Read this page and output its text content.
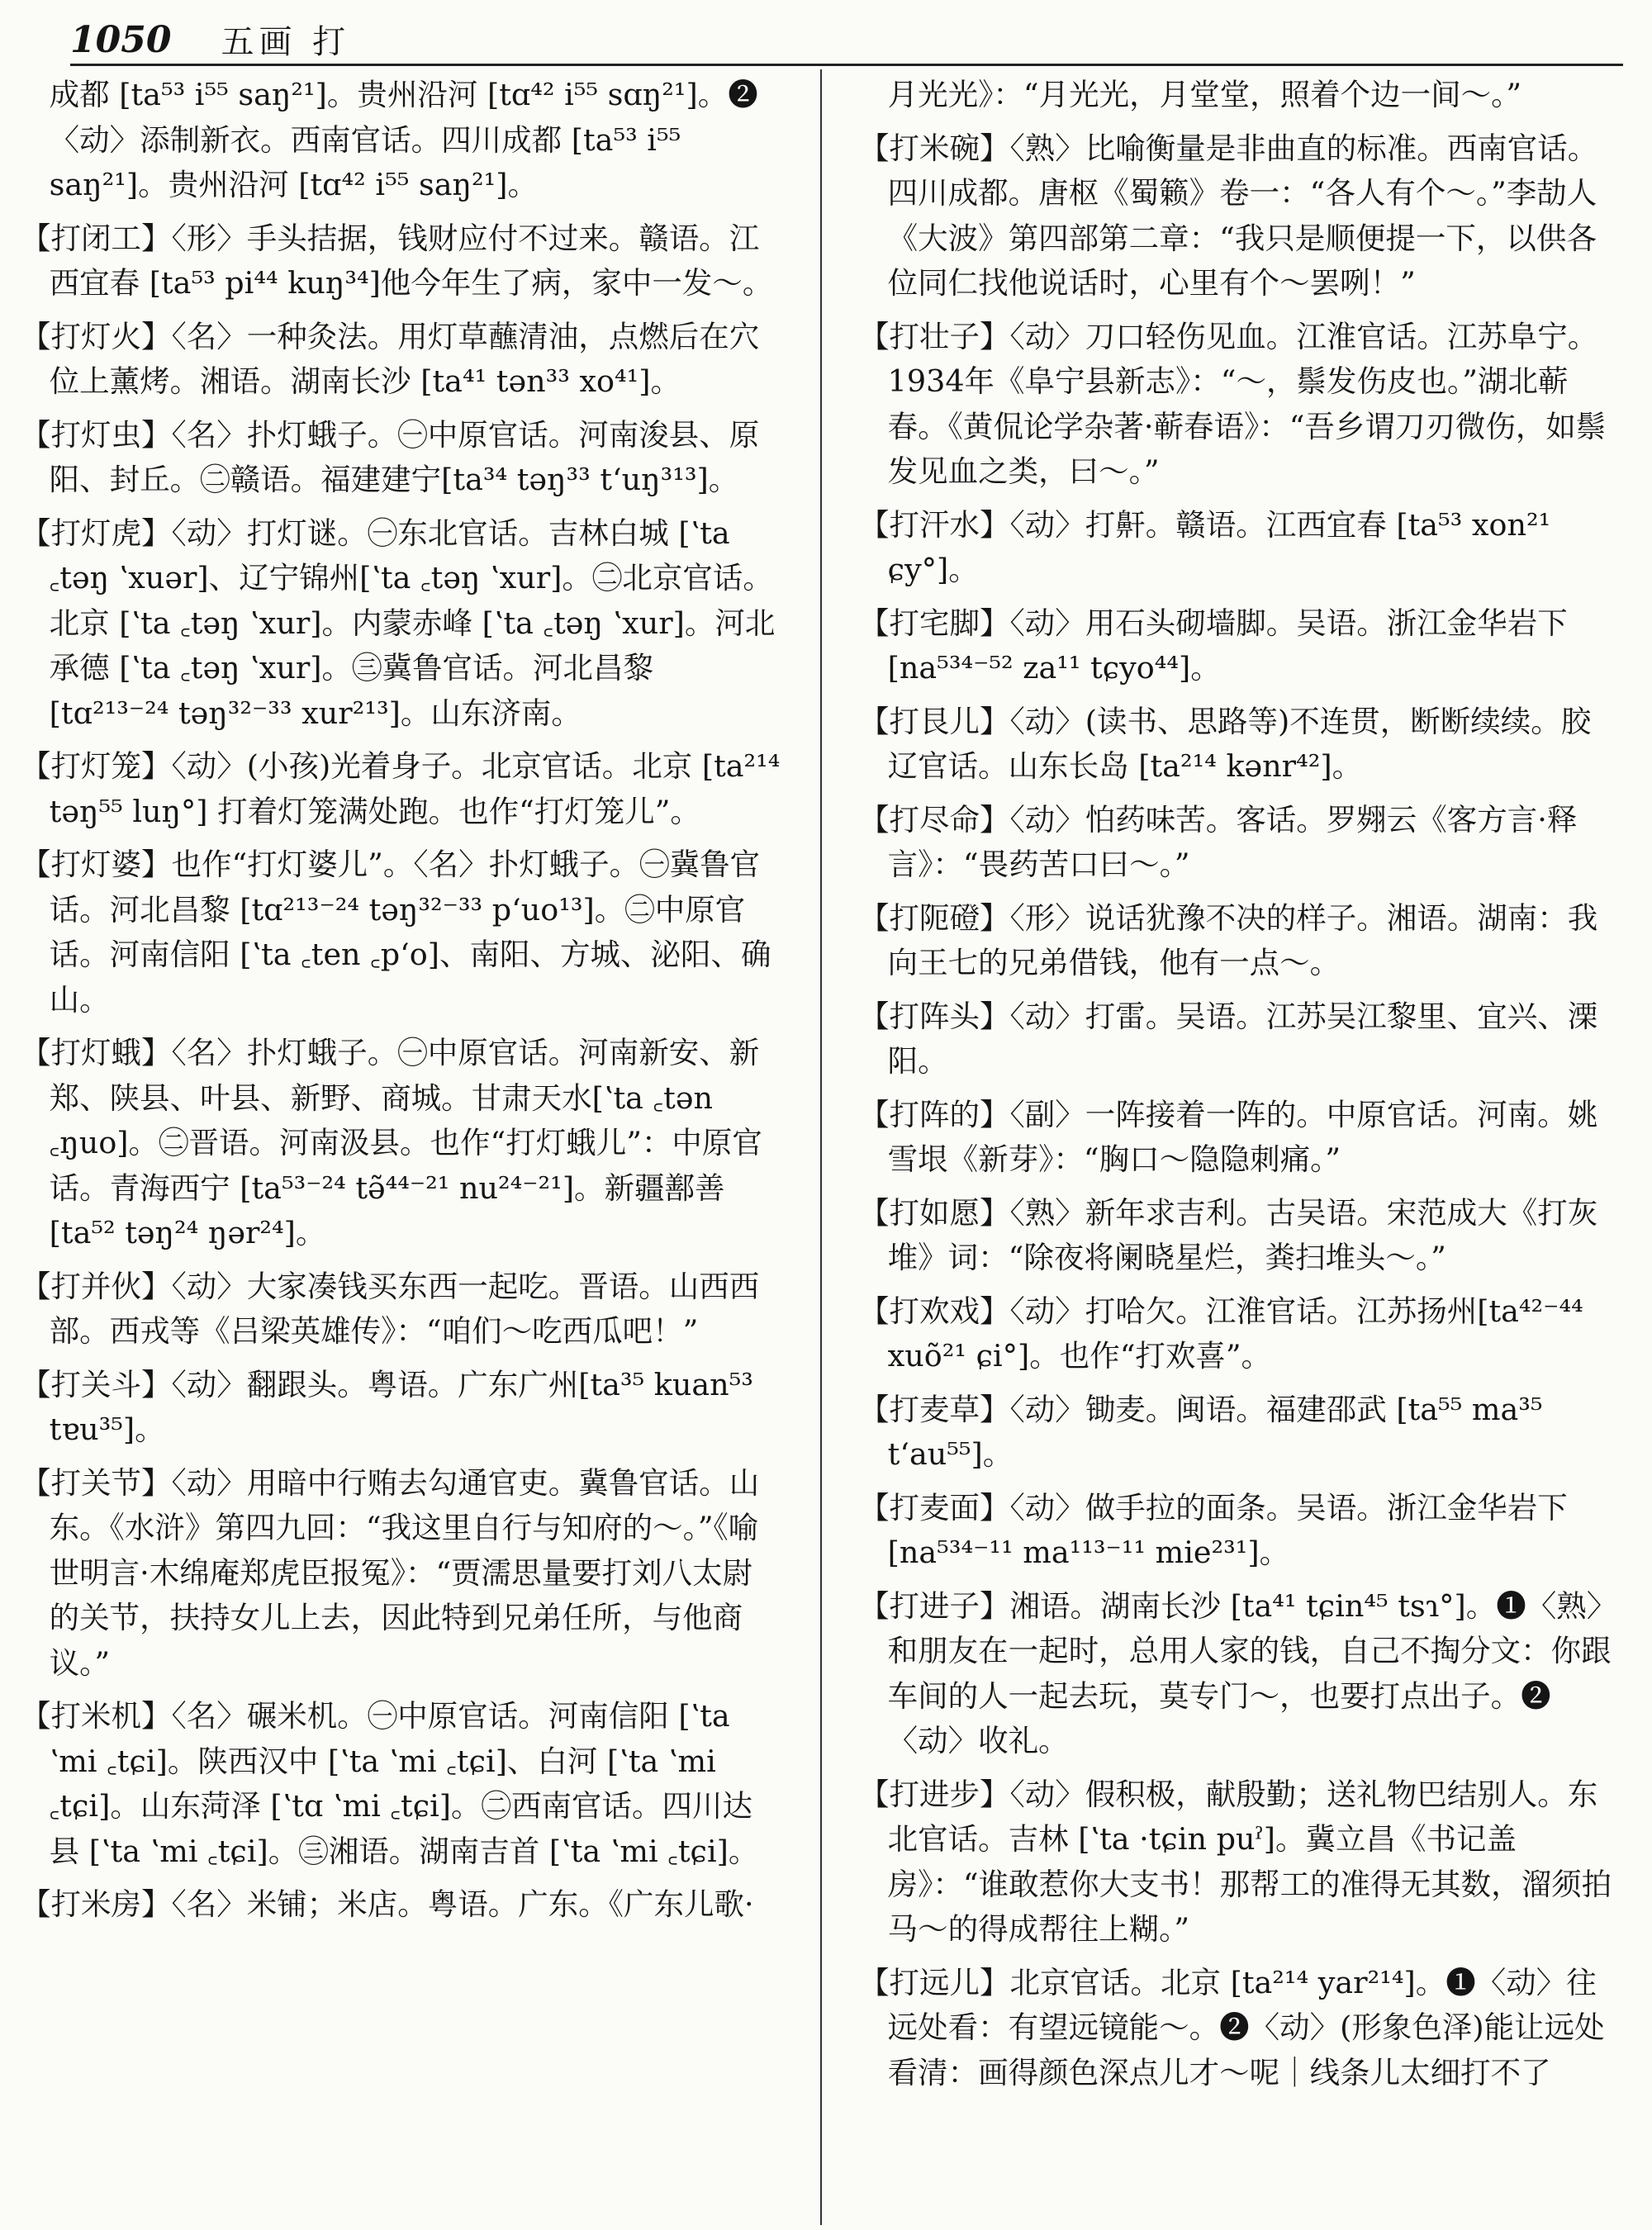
1050 五画 打

成都 [ta⁵³ i⁵⁵ saŋ²¹]。贵州沿河 [tɑ⁴² i⁵⁵ sɑŋ²¹]。❷〈动〉添制新衣。西南官话。四川成都 [ta⁵³ i⁵⁵ saŋ²¹]。贵州沿河 [tɑ⁴² i⁵⁵ saŋ²¹]。

【打闭工】〈形〉手头拮据，钱财应付不过来。赣语。江西宜春 [ta⁵³ pi⁴⁴ kuŋ³⁴]他今年生了病，家中一发～。

【打灯火】〈名〉一种灸法。用灯草蘸清油，点燃后在穴位上薰烤。湘语。湖南长沙 [ta⁴¹ tən³³ xo⁴¹]。

【打灯虫】〈名〉扑灯蛾子。㊀中原官话。河南浚县、原阳、封丘。㊁赣语。福建建宁[ta³⁴ təŋ³³ tʻuŋ³¹³]。

【打灯虎】〈动〉打灯谜。㊀东北官话。吉林白城 [ʽta ꜀təŋ ʽxuər]、辽宁锦州[ʽta ꜀təŋ ʽxur]。㊁北京官话。北京 [ʽta ꜀təŋ ʽxur]。内蒙赤峰 [ʽta ꜀təŋ ʽxur]。河北承德 [ʽta ꜀təŋ ʽxur]。㊂冀鲁官话。河北昌黎 [tɑ²¹³⁻²⁴ təŋ³²⁻³³ xur²¹³]。山东济南。

【打灯笼】〈动〉(小孩)光着身子。北京官话。北京 [ta²¹⁴ təŋ⁵⁵ luŋ°] 打着灯笼满处跑。也作“打灯笼儿”。

【打灯婆】也作“打灯婆儿”。〈名〉扑灯蛾子。㊀冀鲁官话。河北昌黎 [tɑ²¹³⁻²⁴ təŋ³²⁻³³ pʻuo¹³]。㊁中原官话。河南信阳 [ʽta ꜀ten ꜀pʻo]、南阳、方城、泌阳、确山。

【打灯蛾】〈名〉扑灯蛾子。㊀中原官话。河南新安、新郑、陕县、叶县、新野、商城。甘肃天水[ʽta ꜀tən ꜀ŋuo]。㊁晋语。河南汲县。也作“打灯蛾儿”：中原官话。青海西宁 [ta⁵³⁻²⁴ tə̃⁴⁴⁻²¹ nu²⁴⁻²¹]。新疆鄯善 [ta⁵² təŋ²⁴ ŋər²⁴]。

【打并伙】〈动〉大家凑钱买东西一起吃。晋语。山西西部。西戎等《吕梁英雄传》：“咱们～吃西瓜吧！”

【打关斗】〈动〉翻跟头。粤语。广东广州[ta³⁵ kuan⁵³ tɐu³⁵]。

【打关节】〈动〉用暗中行贿去勾通官吏。冀鲁官话。山东。《水浒》第四九回：“我这里自行与知府的～。”《喻世明言·木绵庵郑虎臣报冤》：“贾濡思量要打刘八太尉的关节，扶持女儿上去，因此特到兄弟任所，与他商议。”

【打米机】〈名〉碾米机。㊀中原官话。河南信阳 [ʽta ʽmi ꜀tɕi]。陕西汉中 [ʽta ʽmi ꜀tɕi]、白河 [ʽta ʽmi ꜀tɕi]。山东菏泽 [ʽtɑ ʽmi ꜀tɕi]。㊁西南官话。四川达县 [ʽta ʽmi ꜀tɕi]。㊂湘语。湖南吉首 [ʽta ʽmi ꜀tɕi]。

【打米房】〈名〉米铺；米店。粤语。广东。《广东儿歌·

月光光》：“月光光，月堂堂，照着个边一间～。”

【打米碗】〈熟〉比喻衡量是非曲直的标准。西南官话。四川成都。唐枢《蜀籁》卷一：“各人有个～。”李劼人《大波》第四部第二章：“我只是顺便提一下，以供各位同仁找他说话时，心里有个～罢咧！”

【打壮子】〈动〉刀口轻伤见血。江淮官话。江苏阜宁。1934年《阜宁县新志》：“～，鬃发伤皮也。”湖北蕲春。《黄侃论学杂著·蕲春语》：“吾乡谓刀刃微伤，如鬃发见血之类，曰～。”

【打汗水】〈动〉打鼾。赣语。江西宜春 [ta⁵³ xon²¹ ɕy°]。

【打宅脚】〈动〉用石头砌墙脚。吴语。浙江金华岩下 [na⁵³⁴⁻⁵² za¹¹ tɕyo⁴⁴]。

【打艮儿】〈动〉(读书、思路等)不连贯，断断续续。胶辽官话。山东长岛 [ta²¹⁴ kənr⁴²]。

【打尽命】〈动〉怕药味苦。客话。罗翙云《客方言·释言》：“畏药苦口曰～。”

【打阨磴】〈形〉说话犹豫不决的样子。湘语。湖南：我向王七的兄弟借钱，他有一点～。

【打阵头】〈动〉打雷。吴语。江苏吴江黎里、宜兴、溧阳。

【打阵的】〈副〉一阵接着一阵的。中原官话。河南。姚雪垠《新芽》：“胸口～隐隐刺痛。”

【打如愿】〈熟〉新年求吉利。古吴语。宋范成大《打灰堆》词：“除夜将阑晓星烂，粪扫堆头～。”

【打欢戏】〈动〉打哈欠。江淮官话。江苏扬州[ta⁴²⁻⁴⁴ xuõ²¹ ɕi°]。也作“打欢喜”。

【打麦草】〈动〉锄麦。闽语。福建邵武 [ta⁵⁵ ma³⁵ tʻau⁵⁵]。

【打麦面】〈动〉做手拉的面条。吴语。浙江金华岩下 [na⁵³⁴⁻¹¹ ma¹¹³⁻¹¹ mie²³¹]。

【打进子】湘语。湖南长沙 [ta⁴¹ tɕin⁴⁵ tsɿ°]。❶〈熟〉和朋友在一起时，总用人家的钱，自己不掏分文：你跟车间的人一起去玩，莫专门～，也要打点出子。❷〈动〉收礼。

【打进步】〈动〉假积极，献殷勤；送礼物巴结别人。东北官话。吉林 [ʽta ·tɕin puˀ]。冀立昌《书记盖房》：“谁敢惹你大支书！那帮工的准得无其数，溜须拍马～的得成帮往上糊。”

【打远儿】北京官话。北京 [ta²¹⁴ yar²¹⁴]。❶〈动〉往远处看：有望远镜能～。❷〈动〉(形象色泽)能让远处看清：画得颜色深点儿才～呢｜线条儿太细打不了
